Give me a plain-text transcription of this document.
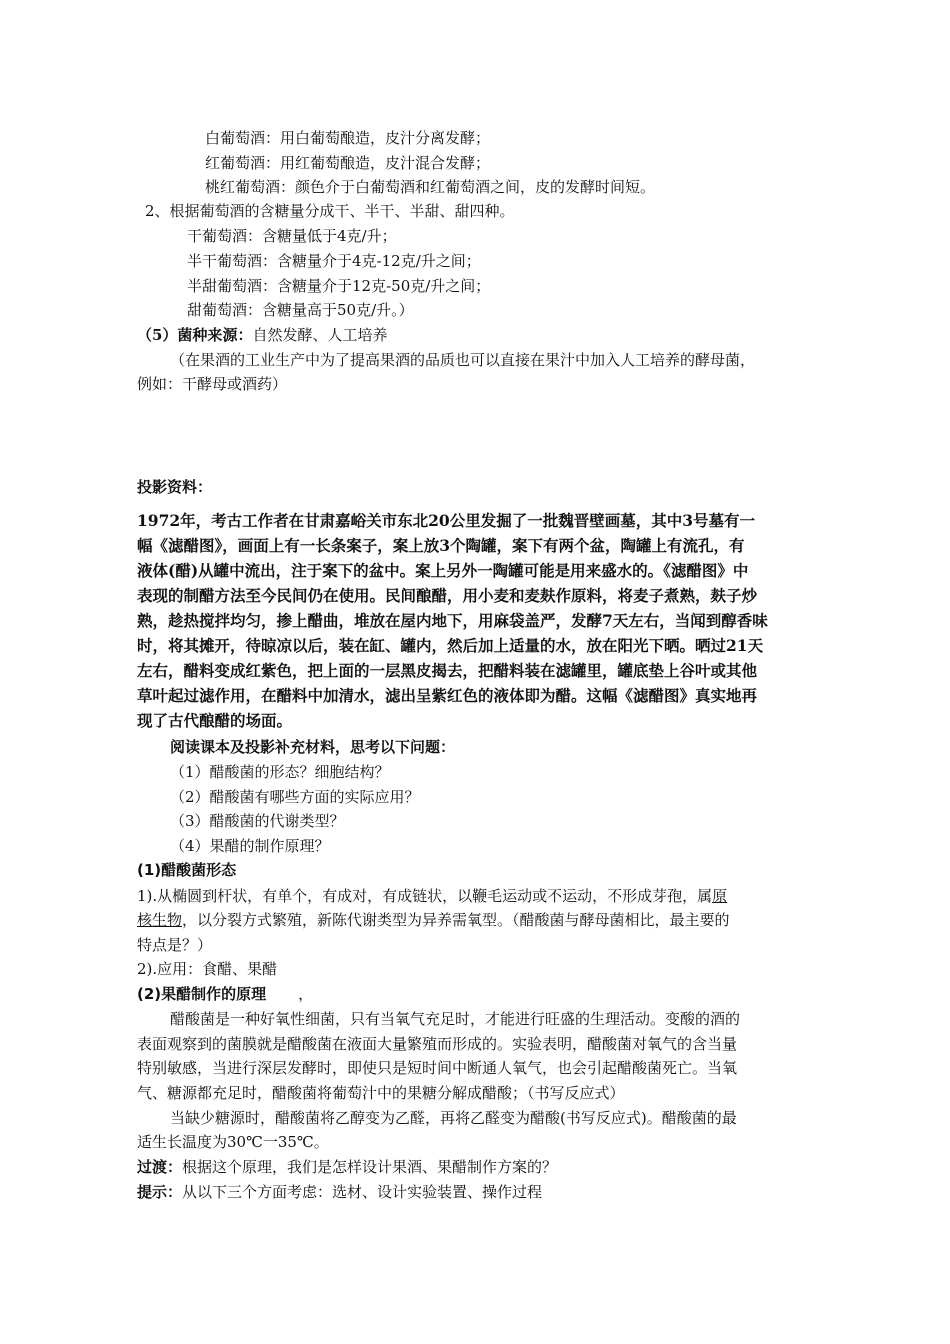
白葡萄酒：用白葡萄酿造，皮汁分离发酵；
红葡萄酒：用红葡萄酿造，皮汁混合发酵；
桃红葡萄酒：颜色介于白葡萄酒和红葡萄酒之间，皮的发酵时间短。
2、根据葡萄酒的含糖量分成干、半干、半甜、甜四种。
干葡萄酒：含糖量低于4克/升；
半干葡萄酒：含糖量介于4克-12克/升之间；
半甜葡萄酒：含糖量介于12克-50克/升之间；
甜葡萄酒：含糖量高于50克/升。）
（5）菌种来源：自然发酵、人工培养
（在果酒的工业生产中为了提高果酒的品质也可以直接在果汁中加入人工培养的酵母菌，
例如：干酵母或酒药）
投影资料：
1972年，考古工作者在甘肃嘉峪关市东北20公里发掘了一批魏晋壁画墓，其中3号墓有一
幅《滤醋图》，画面上有一长条案子，案上放3个陶罐，案下有两个盆，陶罐上有流孔，有
液体(醋)从罐中流出，注于案下的盆中。案上另外一陶罐可能是用来盛水的。《滤醋图》中
表现的制醋方法至今民间仍在使用。民间酿醋，用小麦和麦麸作原料，将麦子煮熟，麸子炒
熟，趁热搅拌均匀，掺上醋曲，堆放在屋内地下，用麻袋盖严，发酵7天左右，当闻到醇香味
时，将其摊开，待晾凉以后，装在缸、罐内，然后加上适量的水，放在阳光下晒。晒过21天
左右，醋料变成红紫色，把上面的一层黑皮揭去，把醋料装在滤罐里，罐底垫上谷叶或其他
草叶起过滤作用，在醋料中加清水，滤出呈紫红色的液体即为醋。这幅《滤醋图》真实地再
现了古代酿醋的场面。
阅读课本及投影补充材料，思考以下问题：
（1）醋酸菌的形态？细胞结构？
（2）醋酸菌有哪些方面的实际应用？
（3）醋酸菌的代谢类型？
（4）果醋的制作原理？
(1)醋酸菌形态
1).从椭圆到杆状，有单个，有成对，有成链状，以鞭毛运动或不运动，不形成芽孢，属原
核生物，以分裂方式繁殖，新陈代谢类型为异养需氧型。（醋酸菌与酵母菌相比，最主要的
特点是？）
2).应用：食醋、果醋
(2)果醋制作的原理 ，
醋酸菌是一种好氧性细菌，只有当氧气充足时，才能进行旺盛的生理活动。变酸的酒的
表面观察到的菌膜就是醋酸菌在液面大量繁殖而形成的。实验表明，醋酸菌对氧气的含当量
特别敏感，当进行深层发酵时，即使只是短时间中断通人氧气，也会引起醋酸菌死亡。当氧
气、糖源都充足时，醋酸菌将葡萄汁中的果糖分解成醋酸；（书写反应式）
当缺少糖源时，醋酸菌将乙醇变为乙醛，再将乙醛变为醋酸(书写反应式)。醋酸菌的最
适生长温度为30℃一35℃。
过渡：根据这个原理，我们是怎样设计果酒、果醋制作方案的？
提示：从以下三个方面考虑：选材、设计实验装置、操作过程
